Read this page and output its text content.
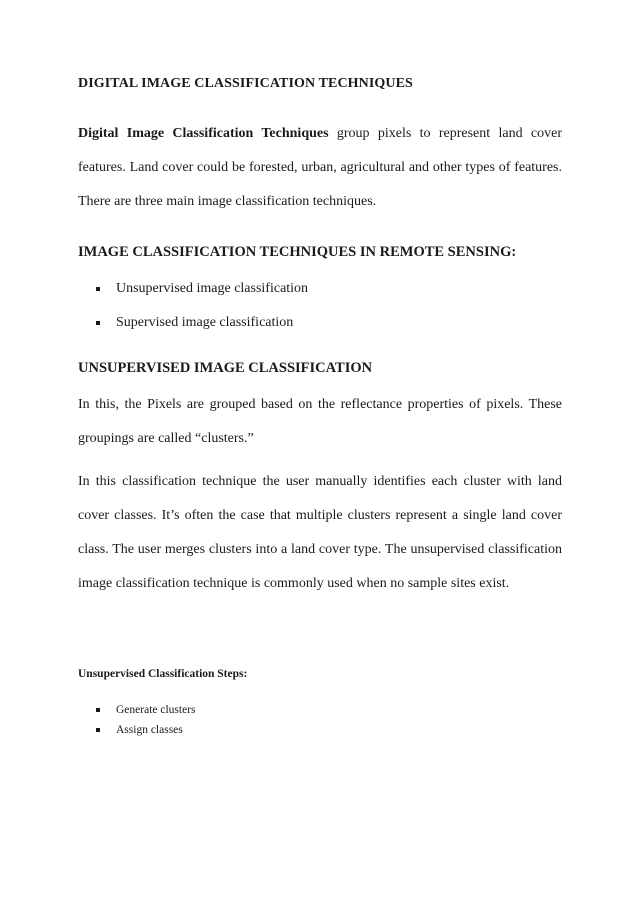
DIGITAL IMAGE CLASSIFICATION TECHNIQUES

Digital Image Classification Techniques group pixels to represent land cover features. Land cover could be forested, urban, agricultural and other types of features. There are three main image classification techniques.

IMAGE CLASSIFICATION TECHNIQUES IN REMOTE SENSING:
Unsupervised image classification
Supervised image classification
UNSUPERVISED IMAGE CLASSIFICATION

In this, the Pixels are grouped based on the reflectance properties of pixels. These groupings are called “clusters.”

In this classification technique the user manually identifies each cluster with land cover classes. It’s often the case that multiple clusters represent a single land cover class. The user merges clusters into a land cover type. The unsupervised classification image classification technique is commonly used when no sample sites exist.

Unsupervised Classification Steps:
Generate clusters
Assign classes
